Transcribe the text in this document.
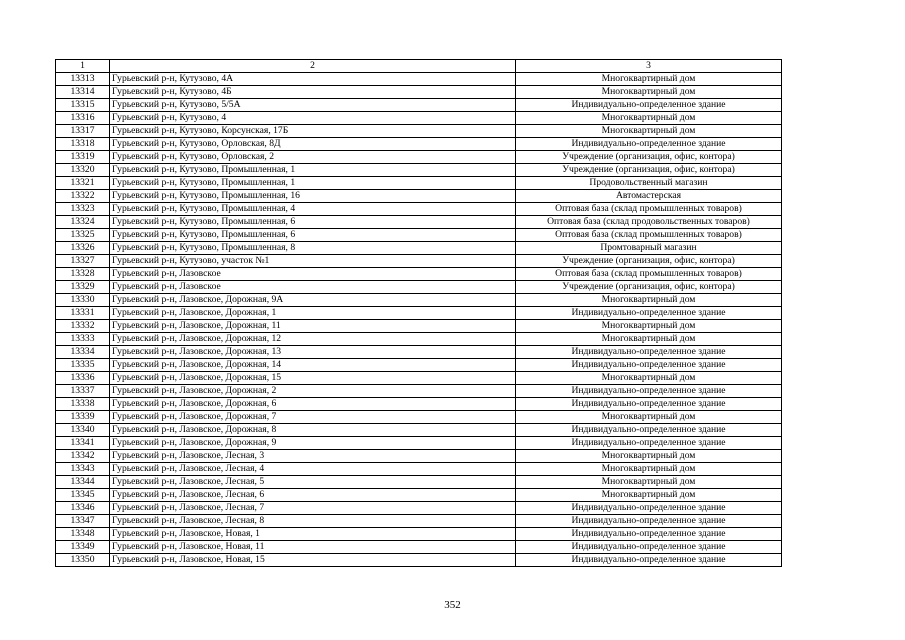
1	2	3
13313	Гурьевский р-н, Кутузово, 4А	Многоквартирный дом
13314	Гурьевский р-н, Кутузово, 4Б	Многоквартирный дом
13315	Гурьевский р-н, Кутузово, 5/5А	Индивидуально-определенное здание
13316	Гурьевский р-н, Кутузово, 4	Многоквартирный дом
13317	Гурьевский р-н, Кутузово, Корсунская, 17Б	Многоквартирный дом
13318	Гурьевский р-н, Кутузово, Орловская, 8Д	Индивидуально-определенное здание
13319	Гурьевский р-н, Кутузово, Орловская, 2	Учреждение (организация, офис, контора)
13320	Гурьевский р-н, Кутузово, Промышленная, 1	Учреждение (организация, офис, контора)
13321	Гурьевский р-н, Кутузово, Промышленная, 1	Продовольственный магазин
13322	Гурьевский р-н, Кутузово, Промышленная, 16	Автомастерская
13323	Гурьевский р-н, Кутузово, Промышленная, 4	Оптовая база (склад промышленных товаров)
13324	Гурьевский р-н, Кутузово, Промышленная, 6	Оптовая база (склад продовольственных товаров)
13325	Гурьевский р-н, Кутузово, Промышленная, 6	Оптовая база (склад промышленных товаров)
13326	Гурьевский р-н, Кутузово, Промышленная, 8	Промтоварный магазин
13327	Гурьевский р-н, Кутузово, участок №1	Учреждение (организация, офис, контора)
13328	Гурьевский р-н, Лазовское	Оптовая база (склад промышленных товаров)
13329	Гурьевский р-н, Лазовское	Учреждение (организация, офис, контора)
13330	Гурьевский р-н, Лазовское, Дорожная, 9А	Многоквартирный дом
13331	Гурьевский р-н, Лазовское, Дорожная, 1	Индивидуально-определенное здание
13332	Гурьевский р-н, Лазовское, Дорожная, 11	Многоквартирный дом
13333	Гурьевский р-н, Лазовское, Дорожная, 12	Многоквартирный дом
13334	Гурьевский р-н, Лазовское, Дорожная, 13	Индивидуально-определенное здание
13335	Гурьевский р-н, Лазовское, Дорожная, 14	Индивидуально-определенное здание
13336	Гурьевский р-н, Лазовское, Дорожная, 15	Многоквартирный дом
13337	Гурьевский р-н, Лазовское, Дорожная, 2	Индивидуально-определенное здание
13338	Гурьевский р-н, Лазовское, Дорожная, 6	Индивидуально-определенное здание
13339	Гурьевский р-н, Лазовское, Дорожная, 7	Многоквартирный дом
13340	Гурьевский р-н, Лазовское, Дорожная, 8	Индивидуально-определенное здание
13341	Гурьевский р-н, Лазовское, Дорожная, 9	Индивидуально-определенное здание
13342	Гурьевский р-н, Лазовское, Лесная, 3	Многоквартирный дом
13343	Гурьевский р-н, Лазовское, Лесная, 4	Многоквартирный дом
13344	Гурьевский р-н, Лазовское, Лесная, 5	Многоквартирный дом
13345	Гурьевский р-н, Лазовское, Лесная, 6	Многоквартирный дом
13346	Гурьевский р-н, Лазовское, Лесная, 7	Индивидуально-определенное здание
13347	Гурьевский р-н, Лазовское, Лесная, 8	Индивидуально-определенное здание
13348	Гурьевский р-н, Лазовское, Новая, 1	Индивидуально-определенное здание
13349	Гурьевский р-н, Лазовское, Новая, 11	Индивидуально-определенное здание
13350	Гурьевский р-н, Лазовское, Новая, 15	Индивидуально-определенное здание
352
